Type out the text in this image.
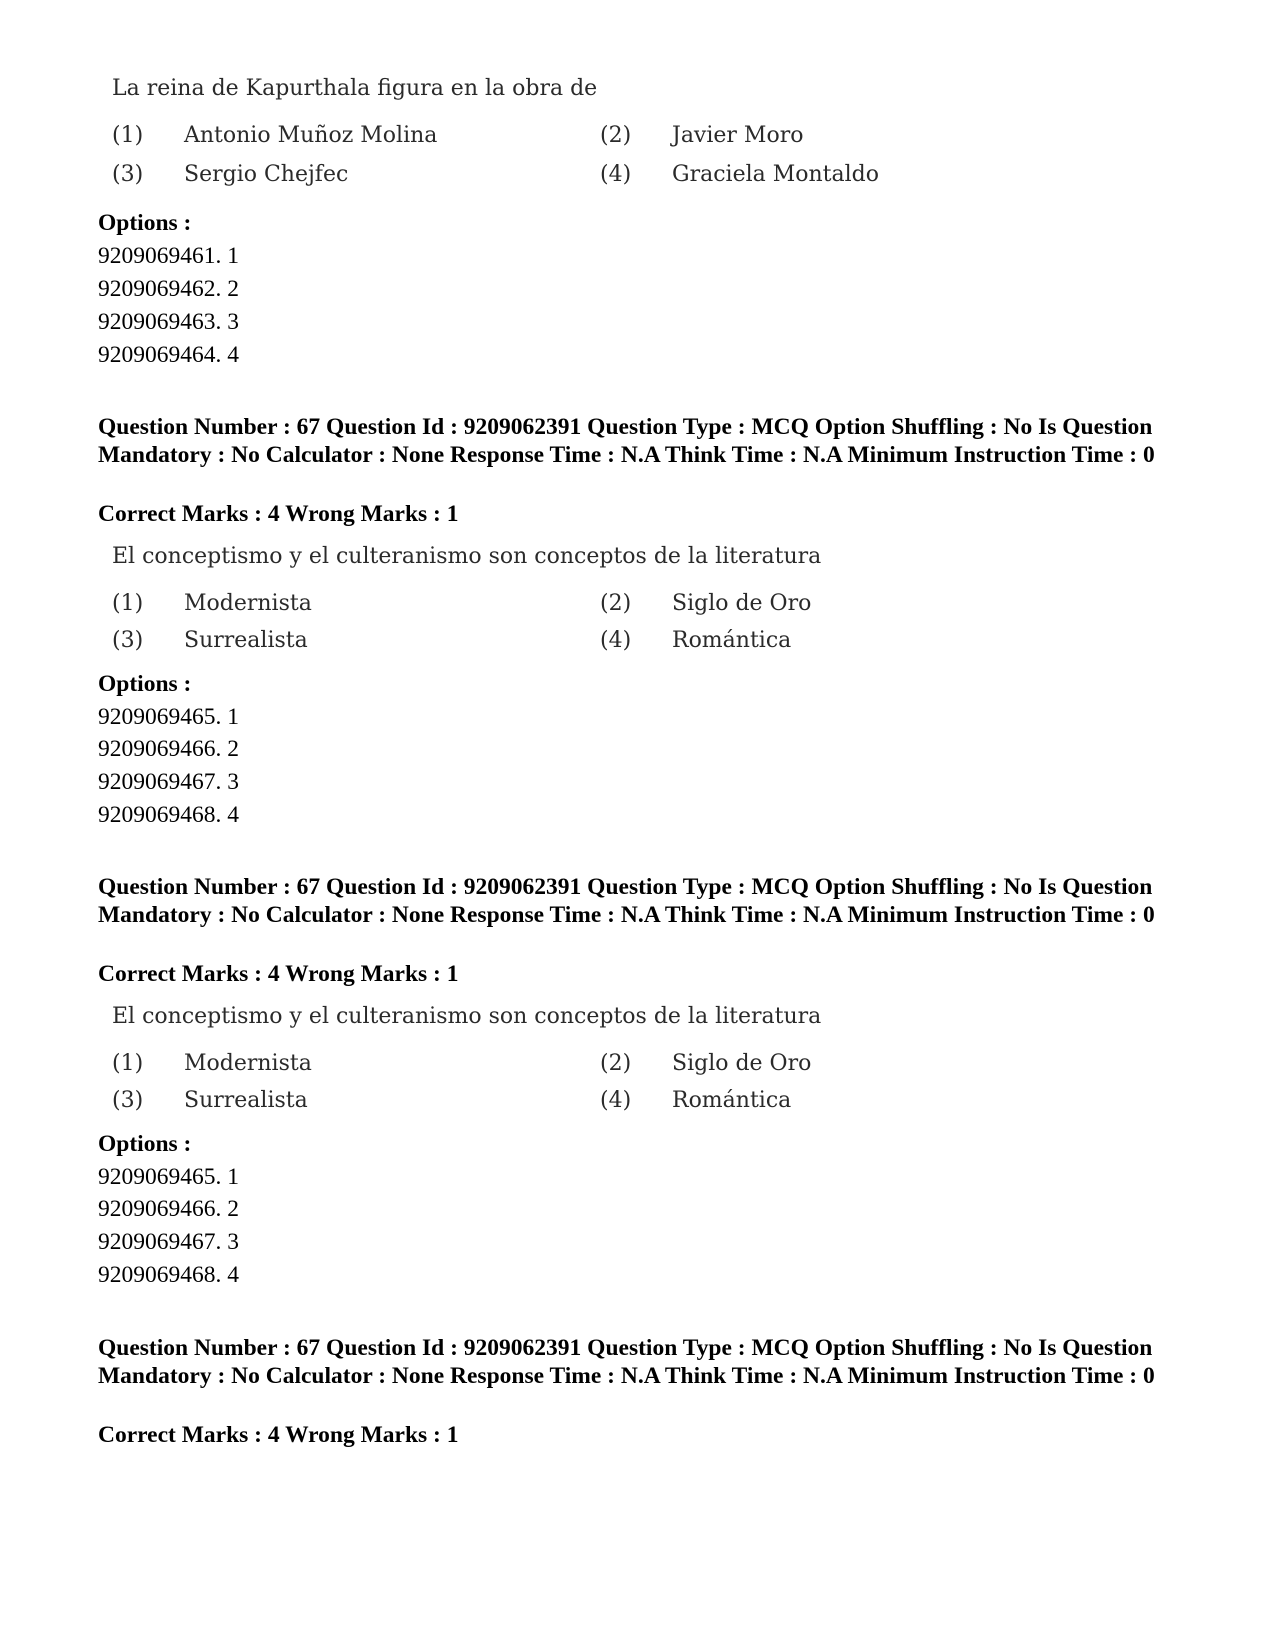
La reina de Kapurthala figura en la obra de
(1) Antonio Muñoz Molina	(2) Javier Moro
(3) Sergio Chejfec	(4) Graciela Montaldo
Options :
9209069461. 1
9209069462. 2
9209069463. 3
9209069464. 4
Question Number : 67 Question Id : 9209062391 Question Type : MCQ Option Shuffling : No Is Question Mandatory : No Calculator : None Response Time : N.A Think Time : N.A Minimum Instruction Time : 0
Correct Marks : 4 Wrong Marks : 1
El conceptismo y el culteranismo son conceptos de la literatura
(1) Modernista	(2) Siglo de Oro
(3) Surrealista	(4) Romántica
Options :
9209069465. 1
9209069466. 2
9209069467. 3
9209069468. 4
Question Number : 67 Question Id : 9209062391 Question Type : MCQ Option Shuffling : No Is Question Mandatory : No Calculator : None Response Time : N.A Think Time : N.A Minimum Instruction Time : 0
Correct Marks : 4 Wrong Marks : 1
El conceptismo y el culteranismo son conceptos de la literatura
(1) Modernista	(2) Siglo de Oro
(3) Surrealista	(4) Romántica
Options :
9209069465. 1
9209069466. 2
9209069467. 3
9209069468. 4
Question Number : 67 Question Id : 9209062391 Question Type : MCQ Option Shuffling : No Is Question Mandatory : No Calculator : None Response Time : N.A Think Time : N.A Minimum Instruction Time : 0
Correct Marks : 4 Wrong Marks : 1
